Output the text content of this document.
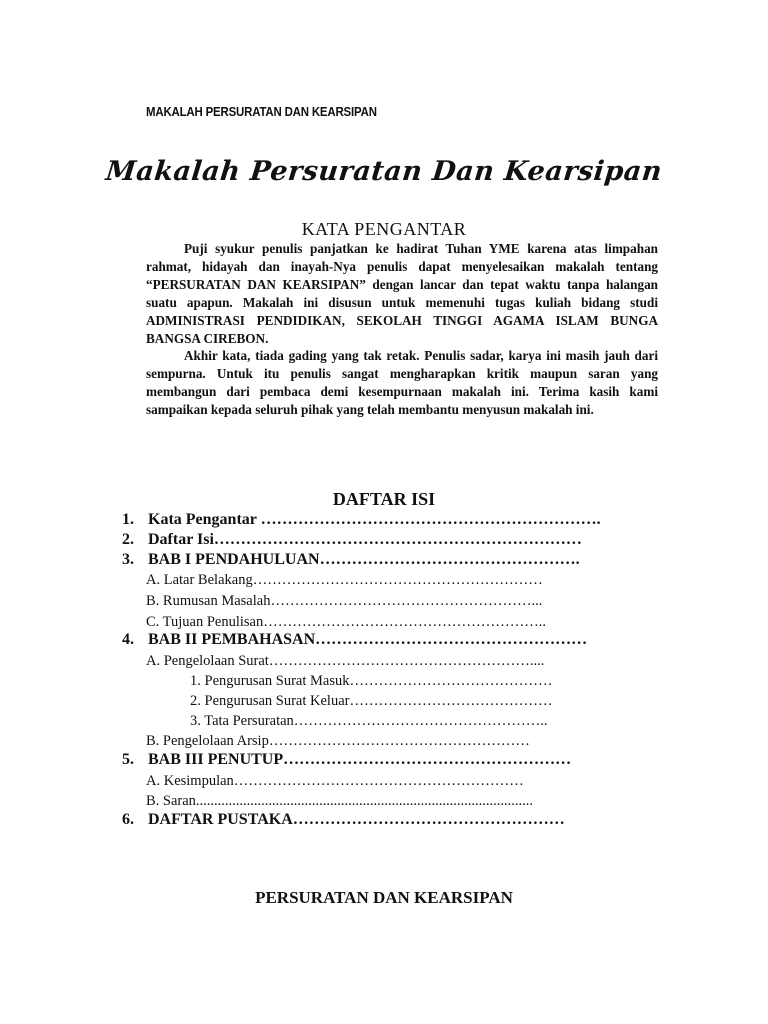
MAKALAH PERSURATAN DAN KEARSIPAN
Makalah Persuratan Dan Kearsipan
KATA PENGANTAR

Puji syukur penulis panjatkan ke hadirat Tuhan YME karena atas limpahan rahmat, hidayah dan inayah-Nya penulis dapat menyelesaikan makalah tentang “PERSURATAN DAN KEARSIPAN” dengan lancar dan tepat waktu tanpa halangan suatu apapun. Makalah ini disusun untuk memenuhi tugas kuliah bidang studi ADMINISTRASI PENDIDIKAN, SEKOLAH TINGGI AGAMA ISLAM BUNGA BANGSA CIREBON.

Akhir kata, tiada gading yang tak retak. Penulis sadar, karya ini masih jauh dari sempurna. Untuk itu penulis sangat mengharapkan kritik maupun saran yang membangun dari pembaca demi kesempurnaan makalah ini. Terima kasih kami sampaikan kepada seluruh pihak yang telah membantu menyusun makalah ini.

DAFTAR ISI
1. Kata Pengantar ……………………………………………………….
2. Daftar Isi……………………………………………………………
3. BAB I PENDAHULUAN………………………………………….
A. Latar Belakang……………………………………………………
B. Rumusan Masalah………………………………………………...
C. Tujuan Penulisan…………………………………………………..
4. BAB II PEMBAHASAN……………………………………………
A. Pengelolaan Surat………………………………………………....
1. Pengurusan Surat Masuk……………………………………
2. Pengurusan Surat Keluar……………………………………
3. Tata Persuratan……………………………………………..
B. Pengelolaan Arsip………………………………………………
5. BAB III PENUTUP………………………………………………
A. Kesimpulan……………………………………………………
B. Saran.............................................................................................
6. DAFTAR PUSTAKA……………………………………………
PERSURATAN DAN KEARSIPAN
